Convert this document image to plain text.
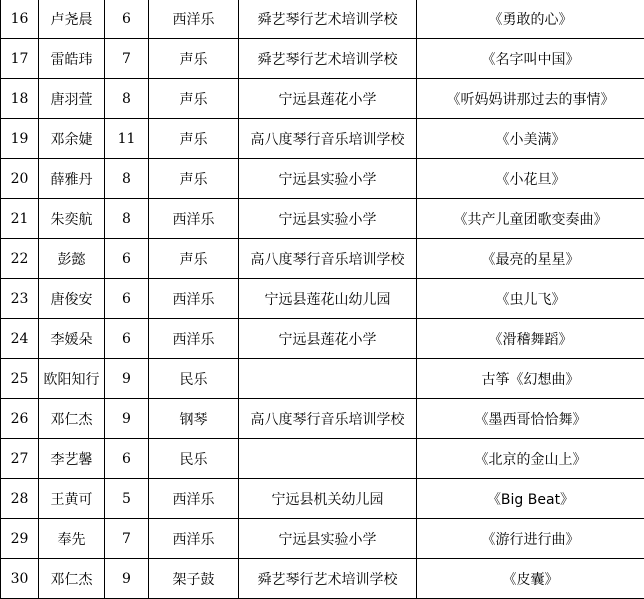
16	卢尧晨	6	西洋乐	舜艺琴行艺术培训学校	《勇敢的心》
17	雷皓玮	7	声乐	舜艺琴行艺术培训学校	《名字叫中国》
18	唐羽萱	8	声乐	宁远县莲花小学	《听妈妈讲那过去的事情》
19	邓余婕	11	声乐	高八度琴行音乐培训学校	《小美满》
20	薛雅丹	8	声乐	宁远县实验小学	《小花旦》
21	朱奕航	8	西洋乐	宁远县实验小学	《共产儿童团歌变奏曲》
22	彭懿	6	声乐	高八度琴行音乐培训学校	《最亮的星星》
23	唐俊安	6	西洋乐	宁远县莲花山幼儿园	《虫儿飞》
24	李媛朵	6	西洋乐	宁远县莲花小学	《滑稽舞蹈》
25	欧阳知行	9	民乐		古筝《幻想曲》
26	邓仁杰	9	钢琴	高八度琴行音乐培训学校	《墨西哥恰恰舞》
27	李艺馨	6	民乐		《北京的金山上》
28	王黄可	5	西洋乐	宁远县机关幼儿园	《Big Beat》
29	奉先	7	西洋乐	宁远县实验小学	《游行进行曲》
30	邓仁杰	9	架子鼓	舜艺琴行艺术培训学校	《皮囊》
